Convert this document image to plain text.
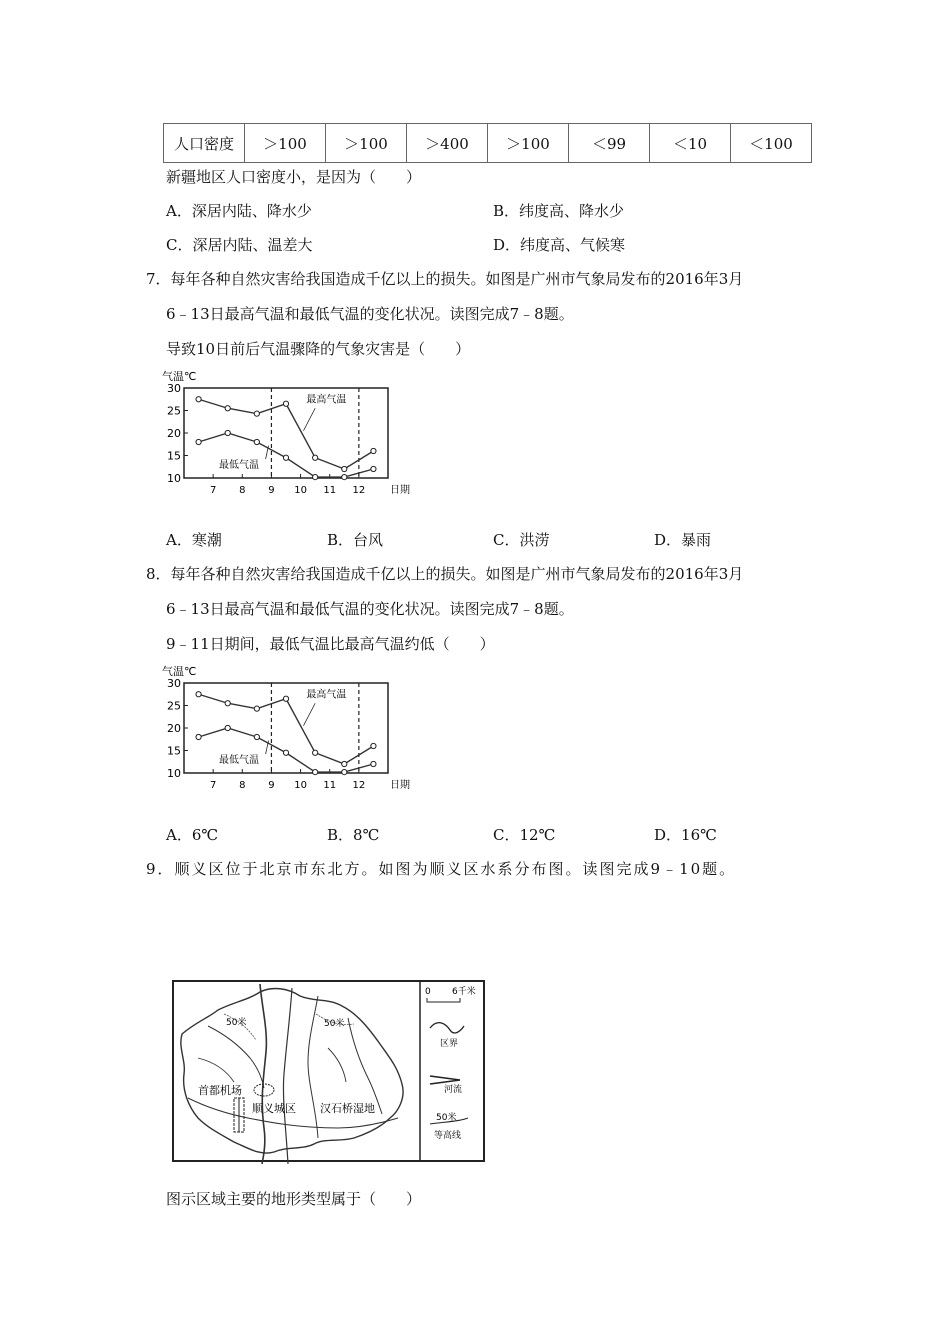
人口密度	＞100	＞100	＞400	＞100	＜99	＜10	＜100
新疆地区人口密度小，是因为（　　）
A．深居内陆、降水少	B．纬度高、降水少
C．深居内陆、温差大	D．纬度高、气候寒
7．每年各种自然灾害给我国造成千亿以上的损失。如图是广州市气象局发布的2016年3月
6﹣13日最高气温和最低气温的变化状况。读图完成7﹣8题。
导致10日前后气温骤降的气象灾害是（　　）
气温℃
10
15
20
25
30
7 8 9 10 11 12 日期
最高气温
最低气温
A．寒潮	B．台风	C．洪涝	D．暴雨
8．每年各种自然灾害给我国造成千亿以上的损失。如图是广州市气象局发布的2016年3月
6﹣13日最高气温和最低气温的变化状况。读图完成7﹣8题。
9﹣11日期间，最低气温比最高气温约低（　　）
气温℃
10
15
20
25
30
7 8 9 10 11 12 日期
最高气温
最低气温
A．6℃	B．8℃	C．12℃	D．16℃
9．顺义区位于北京市东北方。如图为顺义区水系分布图。读图完成9﹣10题。
50米	50米
首都机场
顺义城区 汉石桥湿地
0 6千米
区界
河流
50米
等高线
图示区域主要的地形类型属于（　　）
